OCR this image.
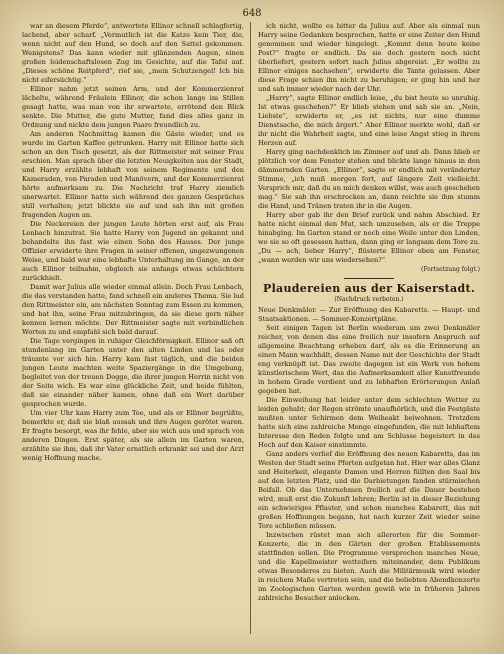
648

war an diesem Pferde“, antwortete Ellinor schnell schlagfertig, lachend, aber scharf. „Vermutlich ist die Katze kein Tier, die, wenn nicht auf den Hund, so doch auf den Sattel gekommen. Wenigstens? Das kann wieder mit glänzenden Augen, einen großen leidenschaftslosen Zug im Gesichte, auf die Tafel auf. „Dieses schöne Reitpferd“, rief sie, „mein Schutzengel! Ich bin nicht eifersüchtig.“

Ellinor nahm jetzt seinen Arm, und der Kommerzienrat lächelte, während Fräulein Ellinor, die schon lange im Stillen gesagt hatte, was man von ihr erwartete, errötend den Blick senkte. Die Mutter, die gute Mutter, fand dies alles ganz in Ordnung und nickte dem jungen Paare freundlich zu.

Am anderen Nachmittag kamen die Gäste wieder, und es wurde im Garten Kaffee getrunken. Harry mit Ellinor hatte sich schon an den Tisch gesetzt, als der Rittmeister mit seiner Frau erschien. Man sprach über die letzten Neuigkeiten aus der Stadt, und Harry erzählte lebhaft von seinem Regimente und den Kameraden, von Paraden und Manövern, und der Kommerzienrat hörte aufmerksam zu. Die Nachricht traf Harry ziemlich unerwartet. Ellinor hatte sich während des ganzen Gespräches still verhalten; jetzt blickte sie auf und sah ihn mit großen fragenden Augen an.

Die Neckereien der jungen Leute hörten erst auf, als Frau Lenbach hinzutrat. Sie hatte Harry von Jugend an gekannt und behandelte ihn fast wie einen Sohn des Hauses. Der junge Offizier erwiderte ihre Fragen in seiner offenen, ungezwungenen Weise, und bald war eine lebhafte Unterhaltung im Gange, an der auch Ellinor teilnahm, obgleich sie anfangs etwas schüchtern zurückhielt.

Damit war Julius alle wieder einmal allein. Doch Frau Lenbach, die das verstanden hatte, fand schnell ein anderes Thema. Sie lud den Rittmeister ein, am nächsten Sonntag zum Essen zu kommen, und bat ihn, seine Frau mitzubringen, da sie diese gern näher kennen lernen möchte. Der Rittmeister sagte mit verbindlichen Worten zu und empfahl sich bald darauf.

Die Tage vergingen in ruhiger Gleichförmigkeit. Ellinor saß oft stundenlang im Garten unter den alten Linden und las oder träumte vor sich hin. Harry kam fast täglich, und die beiden jungen Leute machten weite Spaziergänge in die Umgebung, begleitet von der treuen Dogge, die ihrer jungen Herrin nicht von der Seite wich. Es war eine glückliche Zeit, und beide fühlten, daß sie einander näher kamen, ohne daß ein Wort darüber gesprochen wurde.

Um vier Uhr kam Harry zum Tee, und als er Ellinor begrüßte, bemerkte er, daß sie blaß aussah und ihre Augen gerötet waren. Er fragte besorgt, was ihr fehle, aber sie wich aus und sprach von anderen Dingen. Erst später, als sie allein im Garten waren, erzählte sie ihm, daß ihr Vater ernstlich erkrankt sei und der Arzt wenig Hoffnung mache.

ich nicht, wollte es bitter da Julius auf. Aber als einmal nun Harry seine Gedanken besprochen, hatte er eine Zeiter den Hund genommen und wieder hingelegt. „Kommt denn heute keine Post?“ fragte er endlich. Da sie doch gestern noch nicht überliefert, gestern sofort nach Julius abgereist. „Er wollte zu Ellinor einiges nachsehen“, erwiderte die Tante gelassen. Aber diese Frage schien ihn nicht zu beruhigen; er ging hin und her und sah immer wieder nach der Uhr.

„Harry“, sagte Ellinor endlich leise, „du bist heute so unruhig. Ist etwas geschehen?“ Er blieb stehen und sah sie an. „Nein, Liebste“, erwiderte er, „es ist nichts, nur eine dumme Dienstsache, die mich ärgert.“ Aber Ellinor merkte wohl, daß er ihr nicht die Wahrheit sagte, und eine leise Angst stieg in ihrem Herzen auf.

Harry ging nachdenklich im Zimmer auf und ab. Dann blieb er plötzlich vor dem Fenster stehen und blickte lange hinaus in den dämmernden Garten. „Ellinor“, sagte er endlich mit veränderter Stimme, „ich muß morgen fort, auf längere Zeit vielleicht. Versprich mir, daß du an mich denken willst, was auch geschehen mag.“ Sie sah ihn erschrocken an, dann reichte sie ihm stumm die Hand, und Tränen traten ihr in die Augen.

Harry aber gab ihr den Brief zurück und nahm Abschied. Er hatte nicht einmal den Mut, sich umzusehen, als er die Treppe hinabging. Im Garten stand er noch eine Weile unter den Linden, wo sie so oft gesessen hatten, dann ging er langsam dem Tore zu. „Du — ach, lieber Harry“, flüsterte Ellinor oben am Fenster, „wann werden wir uns wiedersehen?“

(Fortsetzung folgt.)
Plaudereien aus der Kaiserstadt.
(Nachdruck verboten.)

Neue Denkmäler. — Zur Eröffnung des Kabaretts. — Haupt- und Staatsaktionen. — Sommer-Konzertpläne.

Seit einigen Tagen ist Berlin wiederum um zwei Denkmäler reicher, von denen das eine freilich nur insofern Anspruch auf allgemeine Beachtung erheben darf, als es die Erinnerung an einen Mann wachhält, dessen Name mit der Geschichte der Stadt eng verknüpft ist. Das zweite dagegen ist ein Werk von hohem künstlerischem Wert, das die Aufmerksamkeit aller Kunstfreunde in hohem Grade verdient und zu lebhaften Erörterungen Anlaß gegeben hat.

Die Einweihung hat leider unter dem schlechten Wetter zu leiden gehabt; der Regen strömte unaufhörlich, und die Festgäste mußten unter Schirmen dem Weiheakt beiwohnen. Trotzdem hatte sich eine zahlreiche Menge eingefunden, die mit lebhaftem Interesse den Reden folgte und am Schlusse begeistert in das Hoch auf den Kaiser einstimmte.

Ganz anders verlief die Eröffnung des neuen Kabaretts, das im Westen der Stadt seine Pforten aufgetan hat. Hier war alles Glanz und Heiterkeit, elegante Damen und Herren füllten den Saal bis auf den letzten Platz, und die Darbietungen fanden stürmischen Beifall. Ob das Unternehmen freilich auf die Dauer bestehen wird, muß erst die Zukunft lehren; Berlin ist in dieser Beziehung ein schwieriges Pflaster, und schon manches Kabarett, das mit großen Hoffnungen begann, hat nach kurzer Zeit wieder seine Tore schließen müssen.

Inzwischen rüstet man sich allerorten für die Sommer-Konzerte, die in den Gärten der großen Etablissements stattfinden sollen. Die Programme versprechen manches Neue, und die Kapellmeister wetteifern miteinander, dem Publikum etwas Besonderes zu bieten. Auch die Militärmusik wird wieder in reichem Maße vertreten sein, und die beliebten Abendkonzerte im Zoologischen Garten werden gewiß wie in früheren Jahren zahlreiche Besucher anlocken.
